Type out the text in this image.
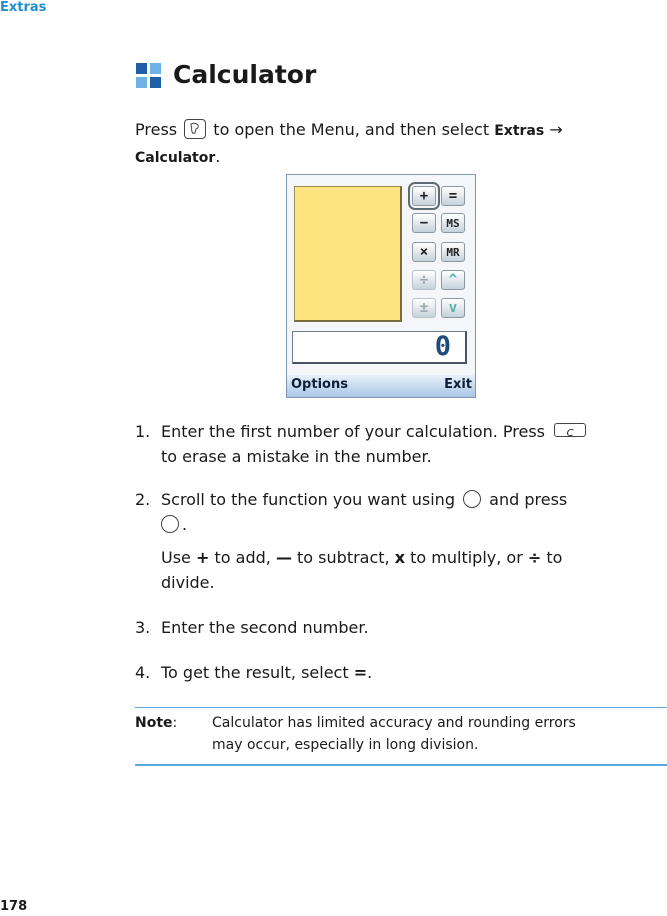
Extras
Calculator
Press to open the Menu, and then select Extras →
Calculator.
+	=
−	MS
×	MR
÷	^
±	v
0
Options	Exit
1. Enter the first number of your calculation. Press	C

to erase a mistake in the number.
2. Scroll to the function you want using and press
.
Use + to add, — to subtract, x to multiply, or ÷ to
divide.
3. Enter the second number.
4. To get the result, select =.
Note: Calculator has limited accuracy and rounding errors
may occur, especially in long division.
178
